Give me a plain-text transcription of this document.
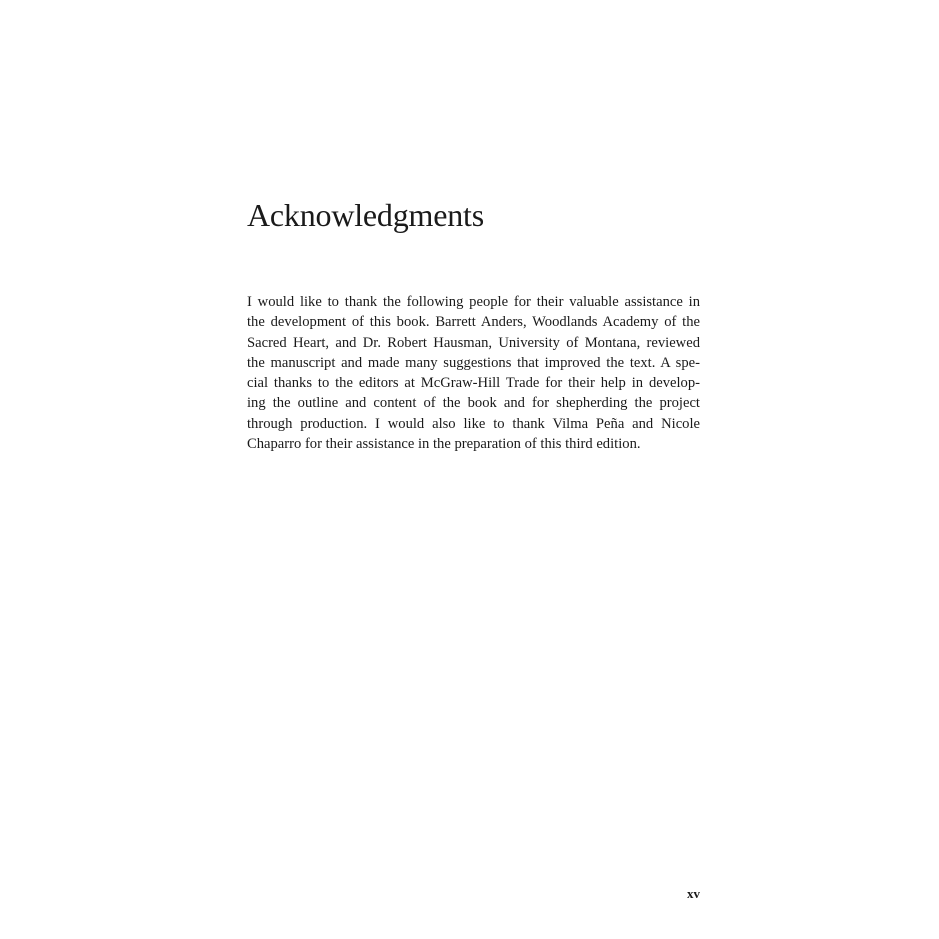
Acknowledgments

I would like to thank the following people for their valuable assistance in
the development of this book. Barrett Anders, Woodlands Academy of the
Sacred Heart, and Dr. Robert Hausman, University of Montana, reviewed
the manuscript and made many suggestions that improved the text. A spe-
cial thanks to the editors at McGraw-Hill Trade for their help in develop-
ing the outline and content of the book and for shepherding the project
through production. I would also like to thank Vilma Peña and Nicole
Chaparro for their assistance in the preparation of this third edition.

xv
